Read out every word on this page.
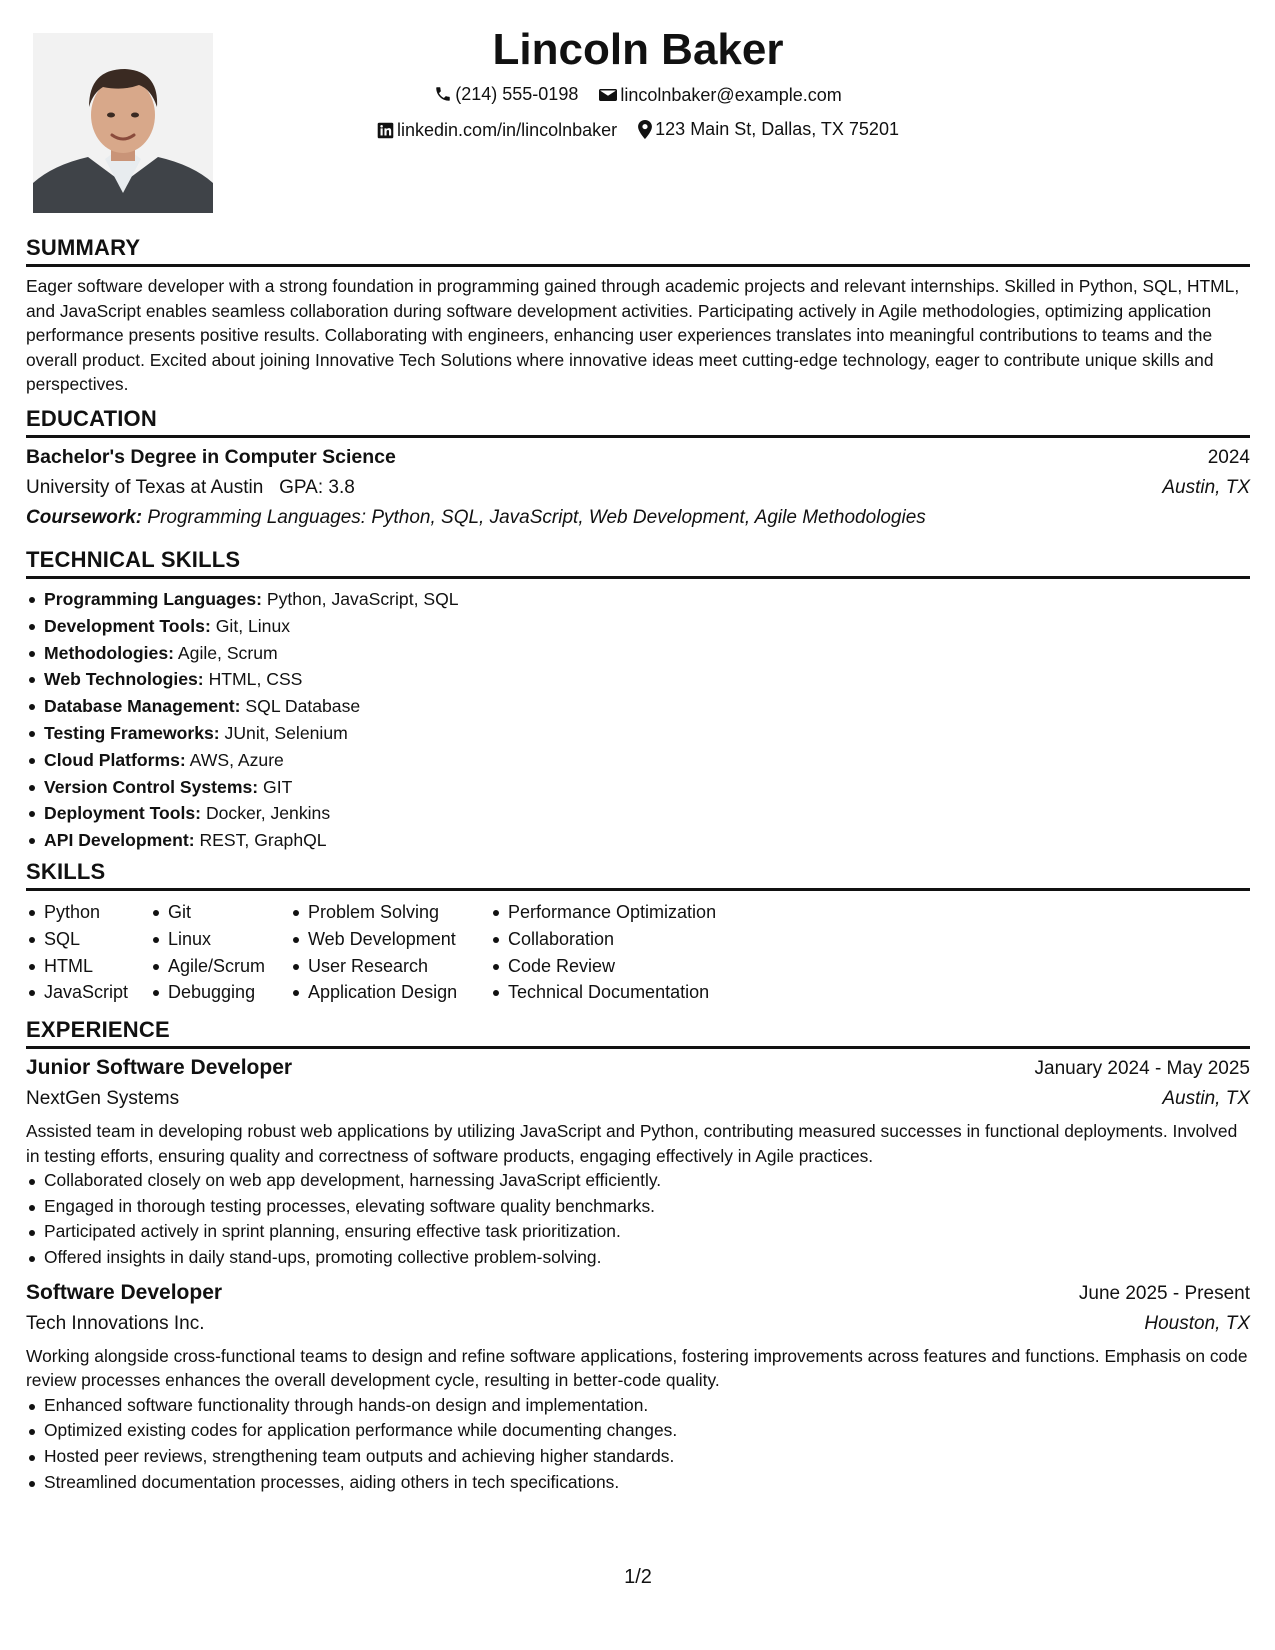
Lincoln Baker
(214) 555-0198
lincolnbaker@example.com
linkedin.com/in/lincolnbaker
123 Main St, Dallas, TX 75201
SUMMARY
Eager software developer with a strong foundation in programming gained through academic projects and relevant internships. Skilled in Python, SQL, HTML, and JavaScript enables seamless collaboration during software development activities. Participating actively in Agile methodologies, optimizing application performance presents positive results. Collaborating with engineers, enhancing user experiences translates into meaningful contributions to teams and the overall product. Excited about joining Innovative Tech Solutions where innovative ideas meet cutting-edge technology, eager to contribute unique skills and perspectives.
EDUCATION
Bachelor's Degree in Computer Science	2024
University of Texas at Austin GPA: 3.8	Austin, TX
Coursework: Programming Languages: Python, SQL, JavaScript, Web Development, Agile Methodologies
TECHNICAL SKILLS
Programming Languages: Python, JavaScript, SQL
Development Tools: Git, Linux
Methodologies: Agile, Scrum
Web Technologies: HTML, CSS
Database Management: SQL Database
Testing Frameworks: JUnit, Selenium
Cloud Platforms: AWS, Azure
Version Control Systems: GIT
Deployment Tools: Docker, Jenkins
API Development: REST, GraphQL
SKILLS
Python
SQL
HTML
JavaScript
Git
Linux
Agile/Scrum
Debugging
Problem Solving
Web Development
User Research
Application Design
Performance Optimization
Collaboration
Code Review
Technical Documentation
EXPERIENCE
Junior Software Developer	January 2024 - May 2025
NextGen Systems	Austin, TX
Assisted team in developing robust web applications by utilizing JavaScript and Python, contributing measured successes in functional deployments. Involved in testing efforts, ensuring quality and correctness of software products, engaging effectively in Agile practices.
Collaborated closely on web app development, harnessing JavaScript efficiently.
Engaged in thorough testing processes, elevating software quality benchmarks.
Participated actively in sprint planning, ensuring effective task prioritization.
Offered insights in daily stand-ups, promoting collective problem-solving.
Software Developer	June 2025 - Present
Tech Innovations Inc.	Houston, TX
Working alongside cross-functional teams to design and refine software applications, fostering improvements across features and functions. Emphasis on code review processes enhances the overall development cycle, resulting in better-code quality.
Enhanced software functionality through hands-on design and implementation.
Optimized existing codes for application performance while documenting changes.
Hosted peer reviews, strengthening team outputs and achieving higher standards.
Streamlined documentation processes, aiding others in tech specifications.
1/2
